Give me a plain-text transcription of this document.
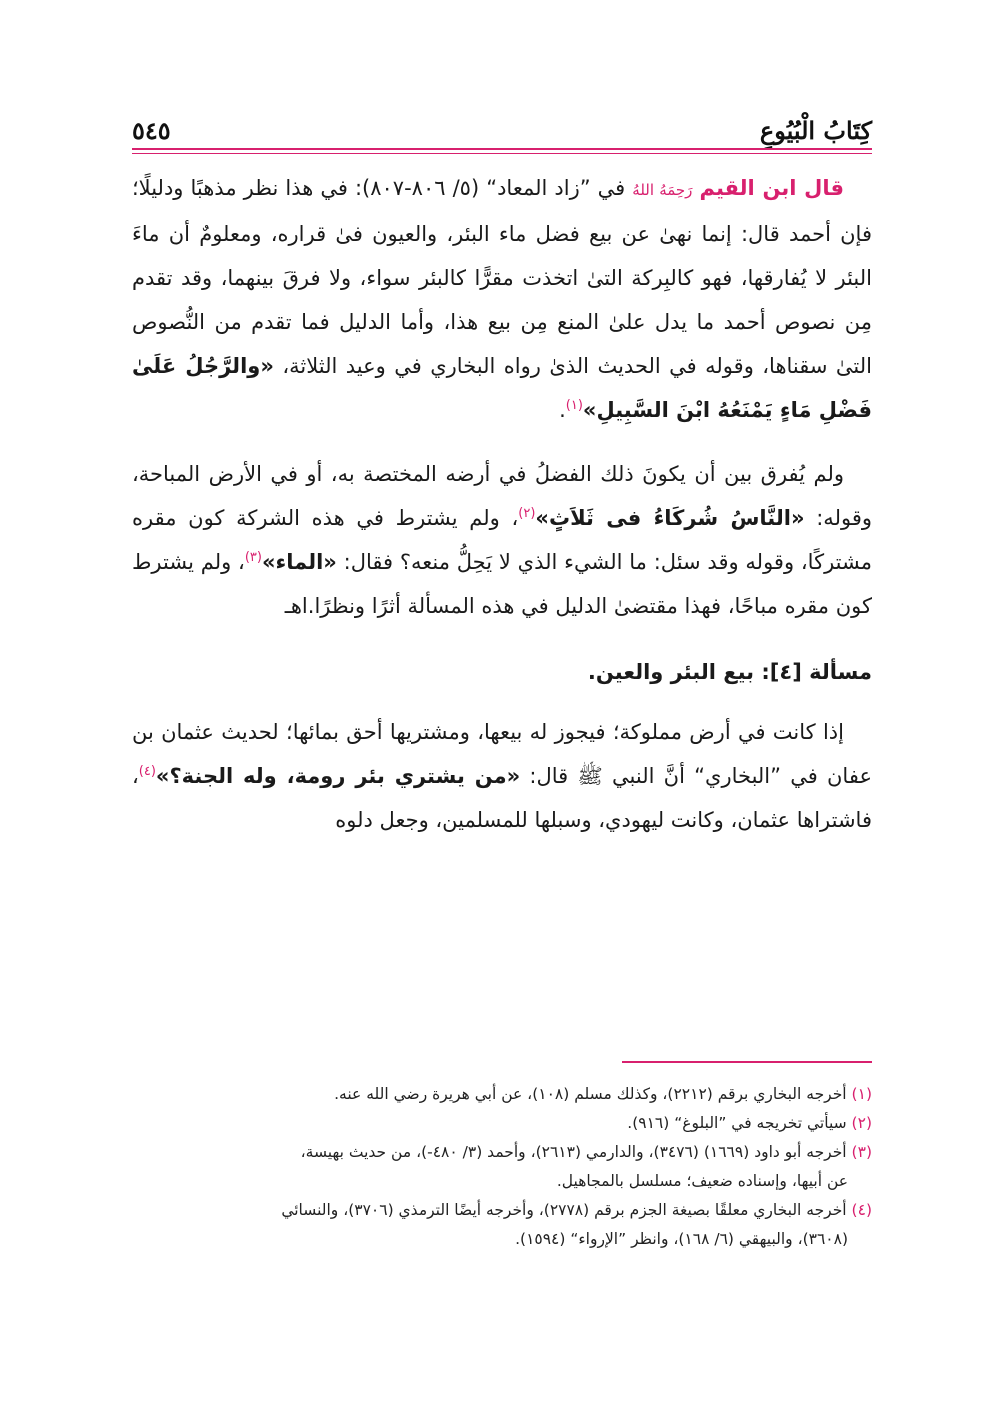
كِتَابُ الْبُيُوعِ
٥٤٥

قال ابن القيم رَحِمَهُ اللهُ في ”زاد المعاد“ (٥/ ٨٠٦-٨٠٧): في هذا نظر مذهبًا ودليلًا؛ فإن أحمد قال: إنما نهىٰ عن بيع فضل ماء البئر، والعيون فىٰ قراره، ومعلومٌ أن ماءَ البئر لا يُفارقها، فهو كالبِركة التىٰ اتخذت مقرًّا كالبئر سواء، ولا فرقَ بينهما، وقد تقدم مِن نصوص أحمد ما يدل علىٰ المنع مِن بيع هذا، وأما الدليل فما تقدم من النُّصوص التىٰ سقناها، وقوله في الحديث الذىٰ رواه البخاري في وعيد الثلاثة، «والرَّجُلُ عَلَىٰ فَضْلِ مَاءٍ يَمْنَعُهُ ابْنَ السَّبِيلِ»$^{(١)}$.

ولم يُفرق بين أن يكونَ ذلك الفضلُ في أرضه المختصة به، أو في الأرض المباحة، وقوله: «النَّاسُ شُركَاءُ فى ثَلاَثٍ»$^{(٢)}$، ولم يشترط في هذه الشركة كون مقره مشتركًا، وقوله وقد سئل: ما الشيء الذي لا يَحِلُّ منعه؟ فقال: «الماء»$^{(٣)}$، ولم يشترط كون مقره مباحًا، فهذا مقتضىٰ الدليل في هذه المسألة أثرًا ونظرًا.اهـ

مسألة [٤]: بيع البئر والعين.

إذا كانت في أرض مملوكة؛ فيجوز له بيعها، ومشتريها أحق بمائها؛ لحديث عثمان بن عفان في ”البخاري“ أنَّ النبي ﷺ قال: «من يشتري بئر رومة، وله الجنة؟»$^{(٤)}$، فاشتراها عثمان، وكانت ليهودي، وسبلها للمسلمين، وجعل دلوه

(١) أخرجه البخاري برقم (٢٢١٢)، وكذلك مسلم (١٠٨)، عن أبي هريرة رضي الله عنه.

(٢) سيأتي تخريجه في ”البلوغ“ (٩١٦).

(٣) أخرجه أبو داود (١٦٦٩) (٣٤٧٦)، والدارمي (٢٦١٣)، وأحمد (٣/ ٤٨٠-)، من حديث بهيسة،

عن أبيها، وإسناده ضعيف؛ مسلسل بالمجاهيل.

(٤) أخرجه البخاري معلقًا بصيغة الجزم برقم (٢٧٧٨)، وأخرجه أيضًا الترمذي (٣٧٠٦)، والنسائي

(٣٦٠٨)، والبيهقي (٦/ ١٦٨)، وانظر ”الإرواء“ (١٥٩٤).
